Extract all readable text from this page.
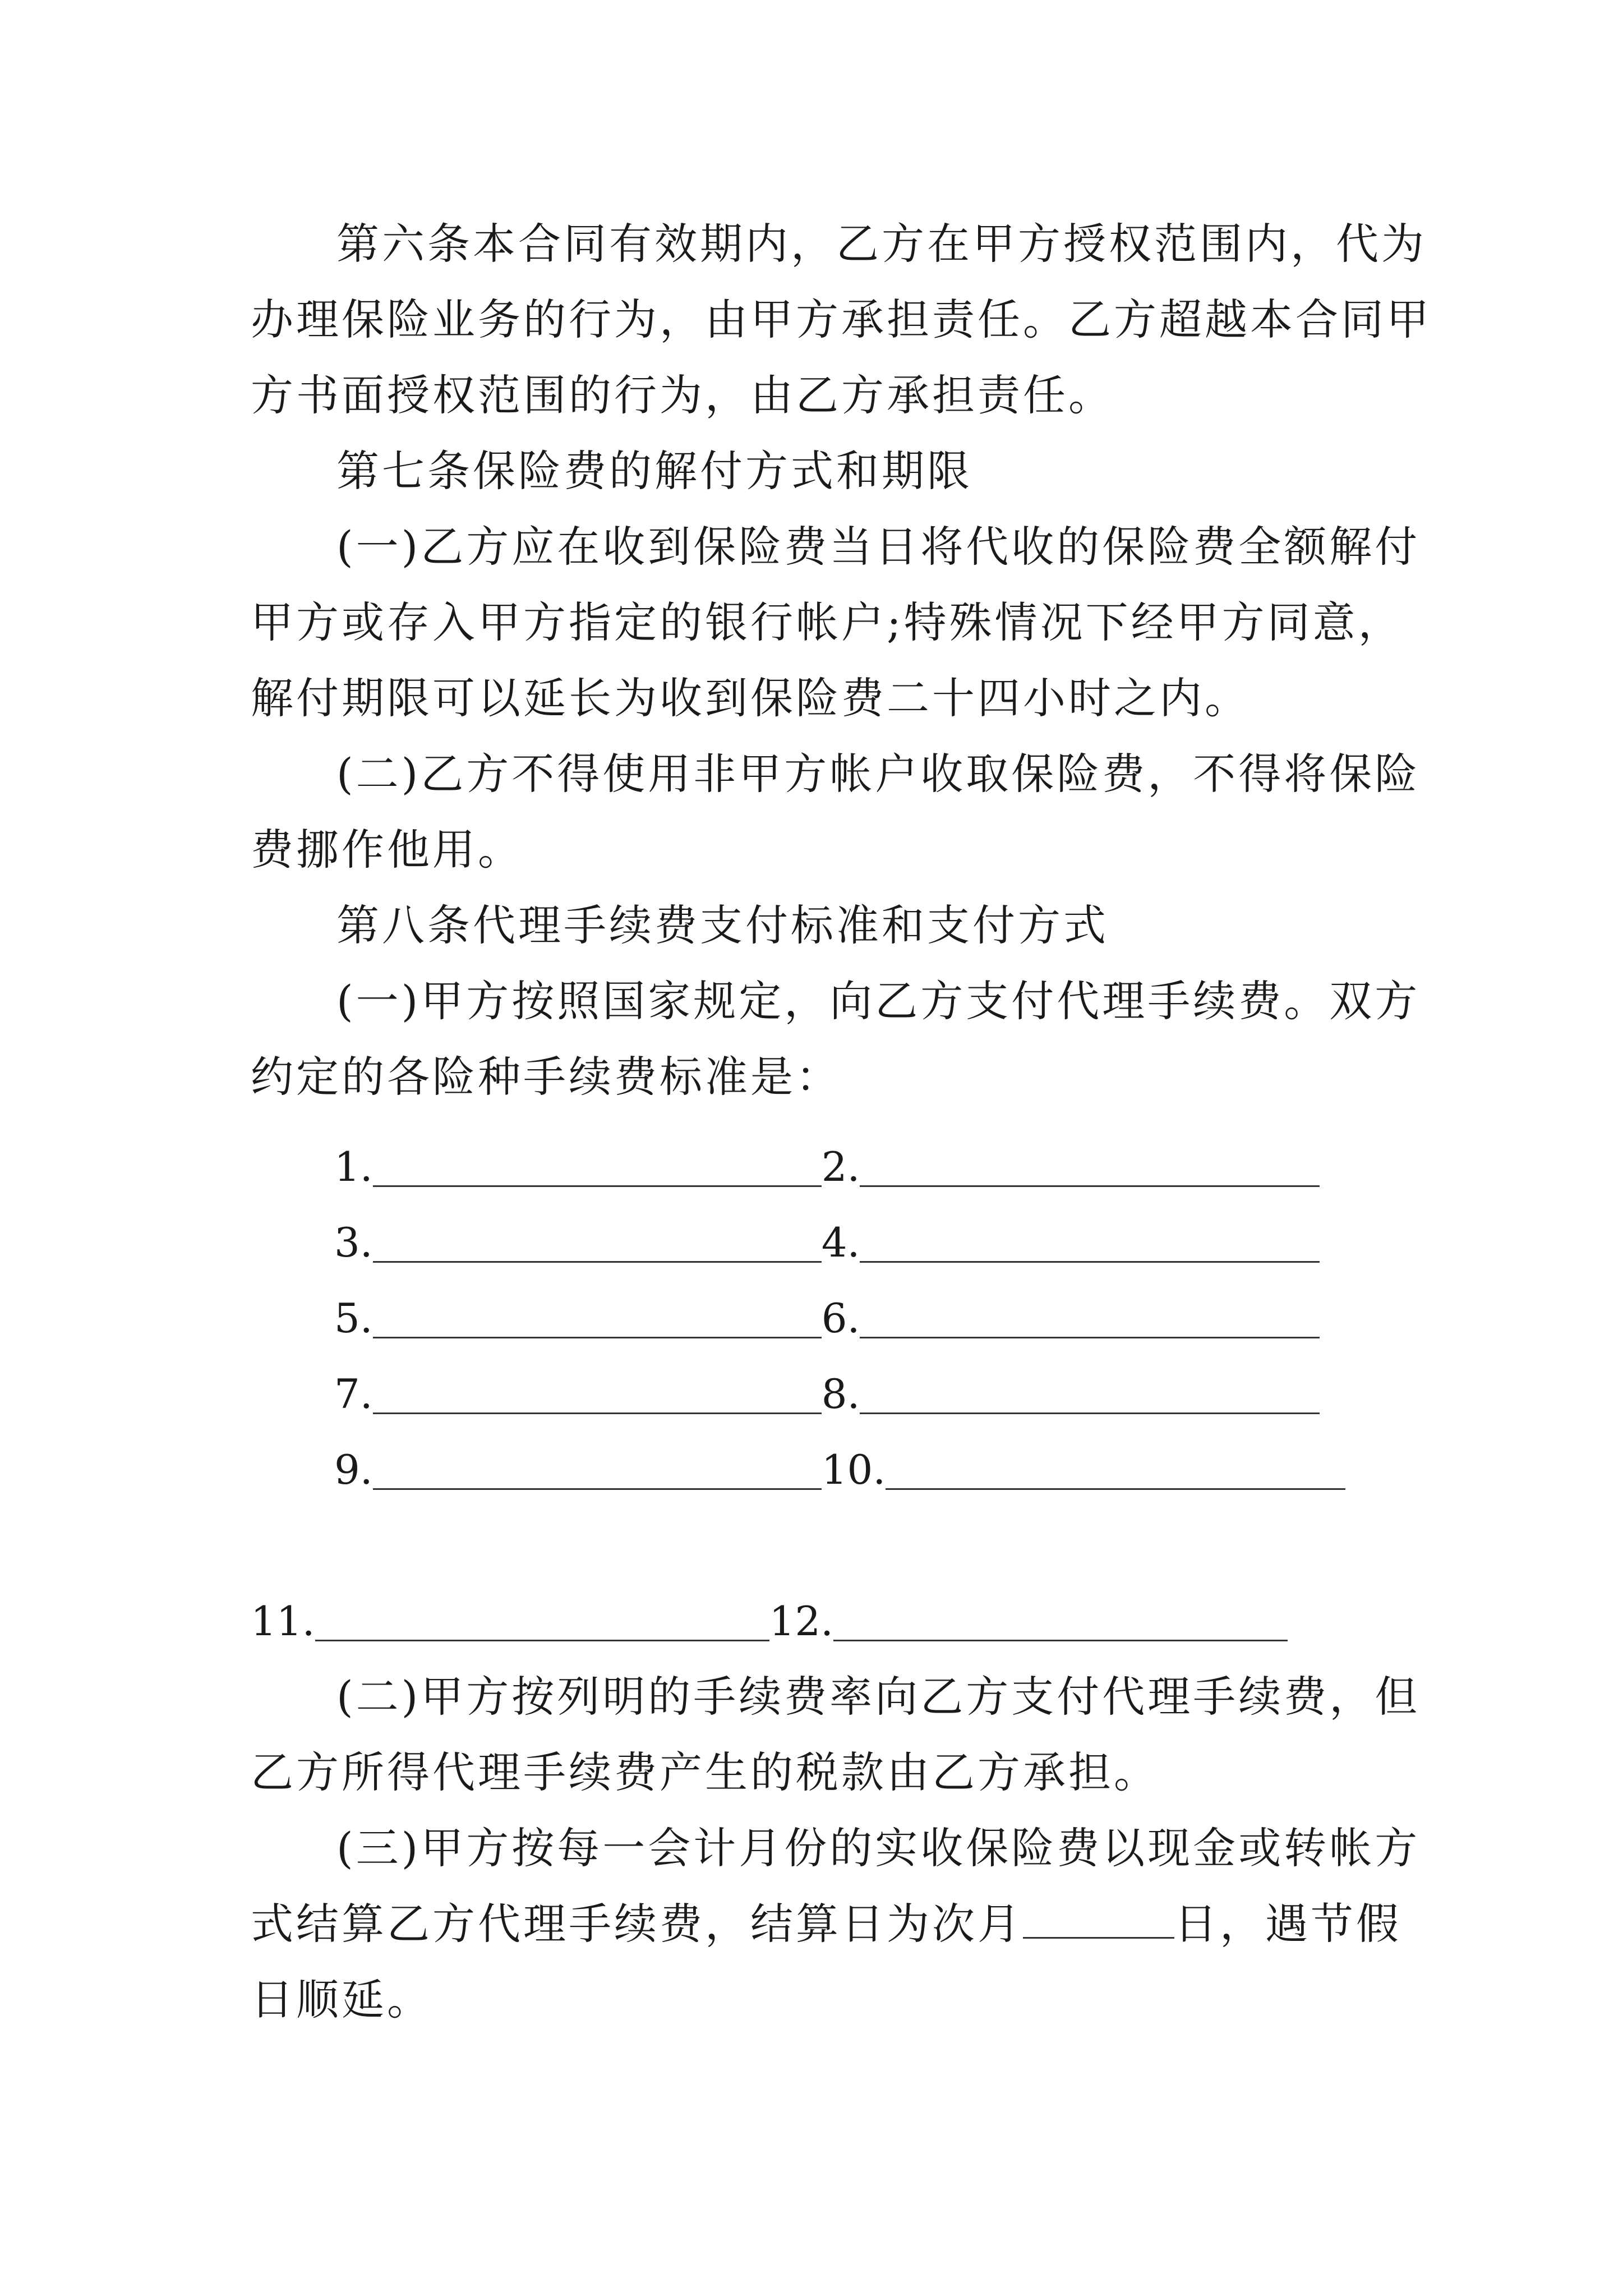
第六条本合同有效期内，乙方在甲方授权范围内，代为
办理保险业务的行为，由甲方承担责任。乙方超越本合同甲
方书面授权范围的行为，由乙方承担责任。
第七条保险费的解付方式和期限
(一)乙方应在收到保险费当日将代收的保险费全额解付
甲方或存入甲方指定的银行帐户;特殊情况下经甲方同意，
解付期限可以延长为收到保险费二十四小时之内。
(二)乙方不得使用非甲方帐户收取保险费，不得将保险
费挪作他用。
第八条代理手续费支付标准和支付方式
(一)甲方按照国家规定，向乙方支付代理手续费。双方
约定的各险种手续费标准是：
1.	2.
3.	4.
5.	6.
7.	8.
9.	10.
11.	12.
(二)甲方按列明的手续费率向乙方支付代理手续费，但
乙方所得代理手续费产生的税款由乙方承担。
(三)甲方按每一会计月份的实收保险费以现金或转帐方
式结算乙方代理手续费，结算日为次月	日，遇节假
日顺延。
